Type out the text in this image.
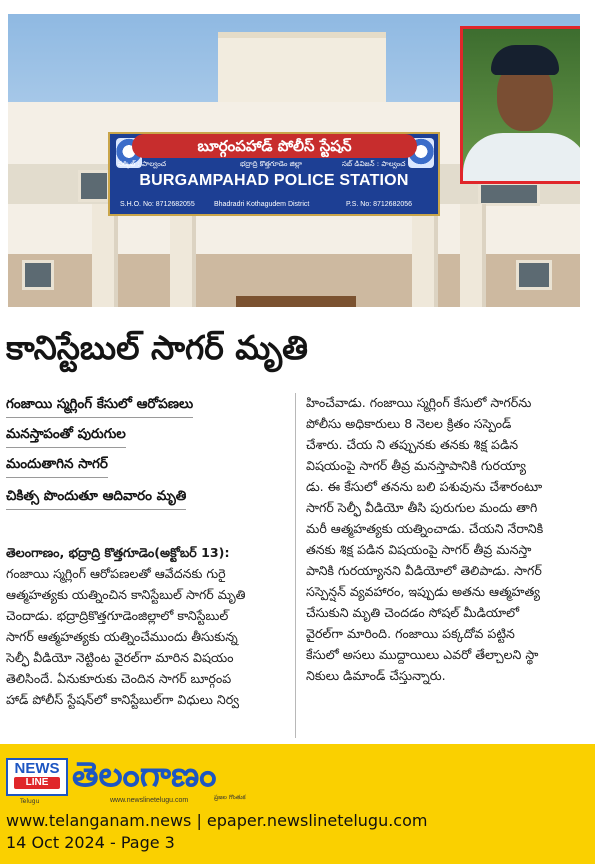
బూర్గంపహాడ్ పోలీస్ స్టేషన్
సర్కిల్ : పాల్వంచ	భద్రాద్రి కొత్తగూడెం జిల్లా	సబ్ డివిజన్ : పాల్వంచ
BURGAMPAHAD POLICE STATION
S.H.O. No: 8712682055	Bhadradri Kothagudem District	P.S. No: 8712682056
కానిస్టేబుల్ సాగర్ మృతి
గంజాయి స్మగ్లింగ్ కేసులో ఆరోపణలు
మనస్తాపంతో పురుగుల
మందుతాగిన సాగర్
చికిత్స పొందుతూ ఆదివారం మృతి
తెలంగాణం, భద్రాద్రి కొత్తగూడెం(అక్టోబర్ 13):
గంజాయి స్మగ్లింగ్ ఆరోపణలతో ఆవేదనకు గురై
ఆత్మహత్యకు యత్నించిన కానిస్టేబుల్ సాగర్ మృతి
చెందాడు. భద్రాద్రికొత్తగూడెంజిల్లాలో కానిస్టేబుల్
సాగర్ ఆత్మహత్యకు యత్నించేముందు తీసుకున్న
సెల్ఫీ వీడియో నెట్టింట వైరల్‌గా మారిన విషయం
తెలిసిందే. ఏనుకూరుకు చెందిన సాగర్ బూర్గంప
హాడ్ పోలీస్ స్టేషన్‌లో కానిస్టేబుల్‌గా విధులు నిర్వ
హించేవాడు. గంజాయి స్మగ్లింగ్ కేసులో సాగర్‌ను
పోలీసు అధికారులు 8 నెలల క్రితం సస్పెండ్
చేశారు. చేయ ని తప్పునకు తనకు శిక్ష పడిన
విషయంపై సాగర్ తీవ్ర మనస్తాపానికి గురయ్యా
డు. ఈ కేసులో తనను బలి పశువును చేశారంటూ
సాగర్ సెల్ఫీ వీడియో తీసి పురుగుల మందు తాగి
మరీ ఆత్మహత్యకు యత్నించాడు. చేయని నేరానికి
తనకు శిక్ష పడిన విషయంపై సాగర్ తీవ్ర మనస్తా
పానికి గురయ్యానని వీడియోలో తెలిపాడు. సాగర్
సస్పెన్షన్ వ్యవహారం, ఇప్పుడు అతను ఆత్మహత్య
చేసుకుని మృతి చెందడం సోషల్ మీడియాలో
వైరల్‌గా మారింది. గంజాయి పక్కదోవ పట్టిన
కేసులో అసలు ముద్దాయిలు ఎవరో తేల్చాలని స్థా
నికులు డిమాండ్ చేస్తున్నారు.
NEWS
LINE
Telugu
తెలంగాణం
ప్రజల గొంతుక
www.newslinetelugu.com
www.telanganam.news | epaper.newslinetelugu.com
14 Oct 2024 - Page 3
